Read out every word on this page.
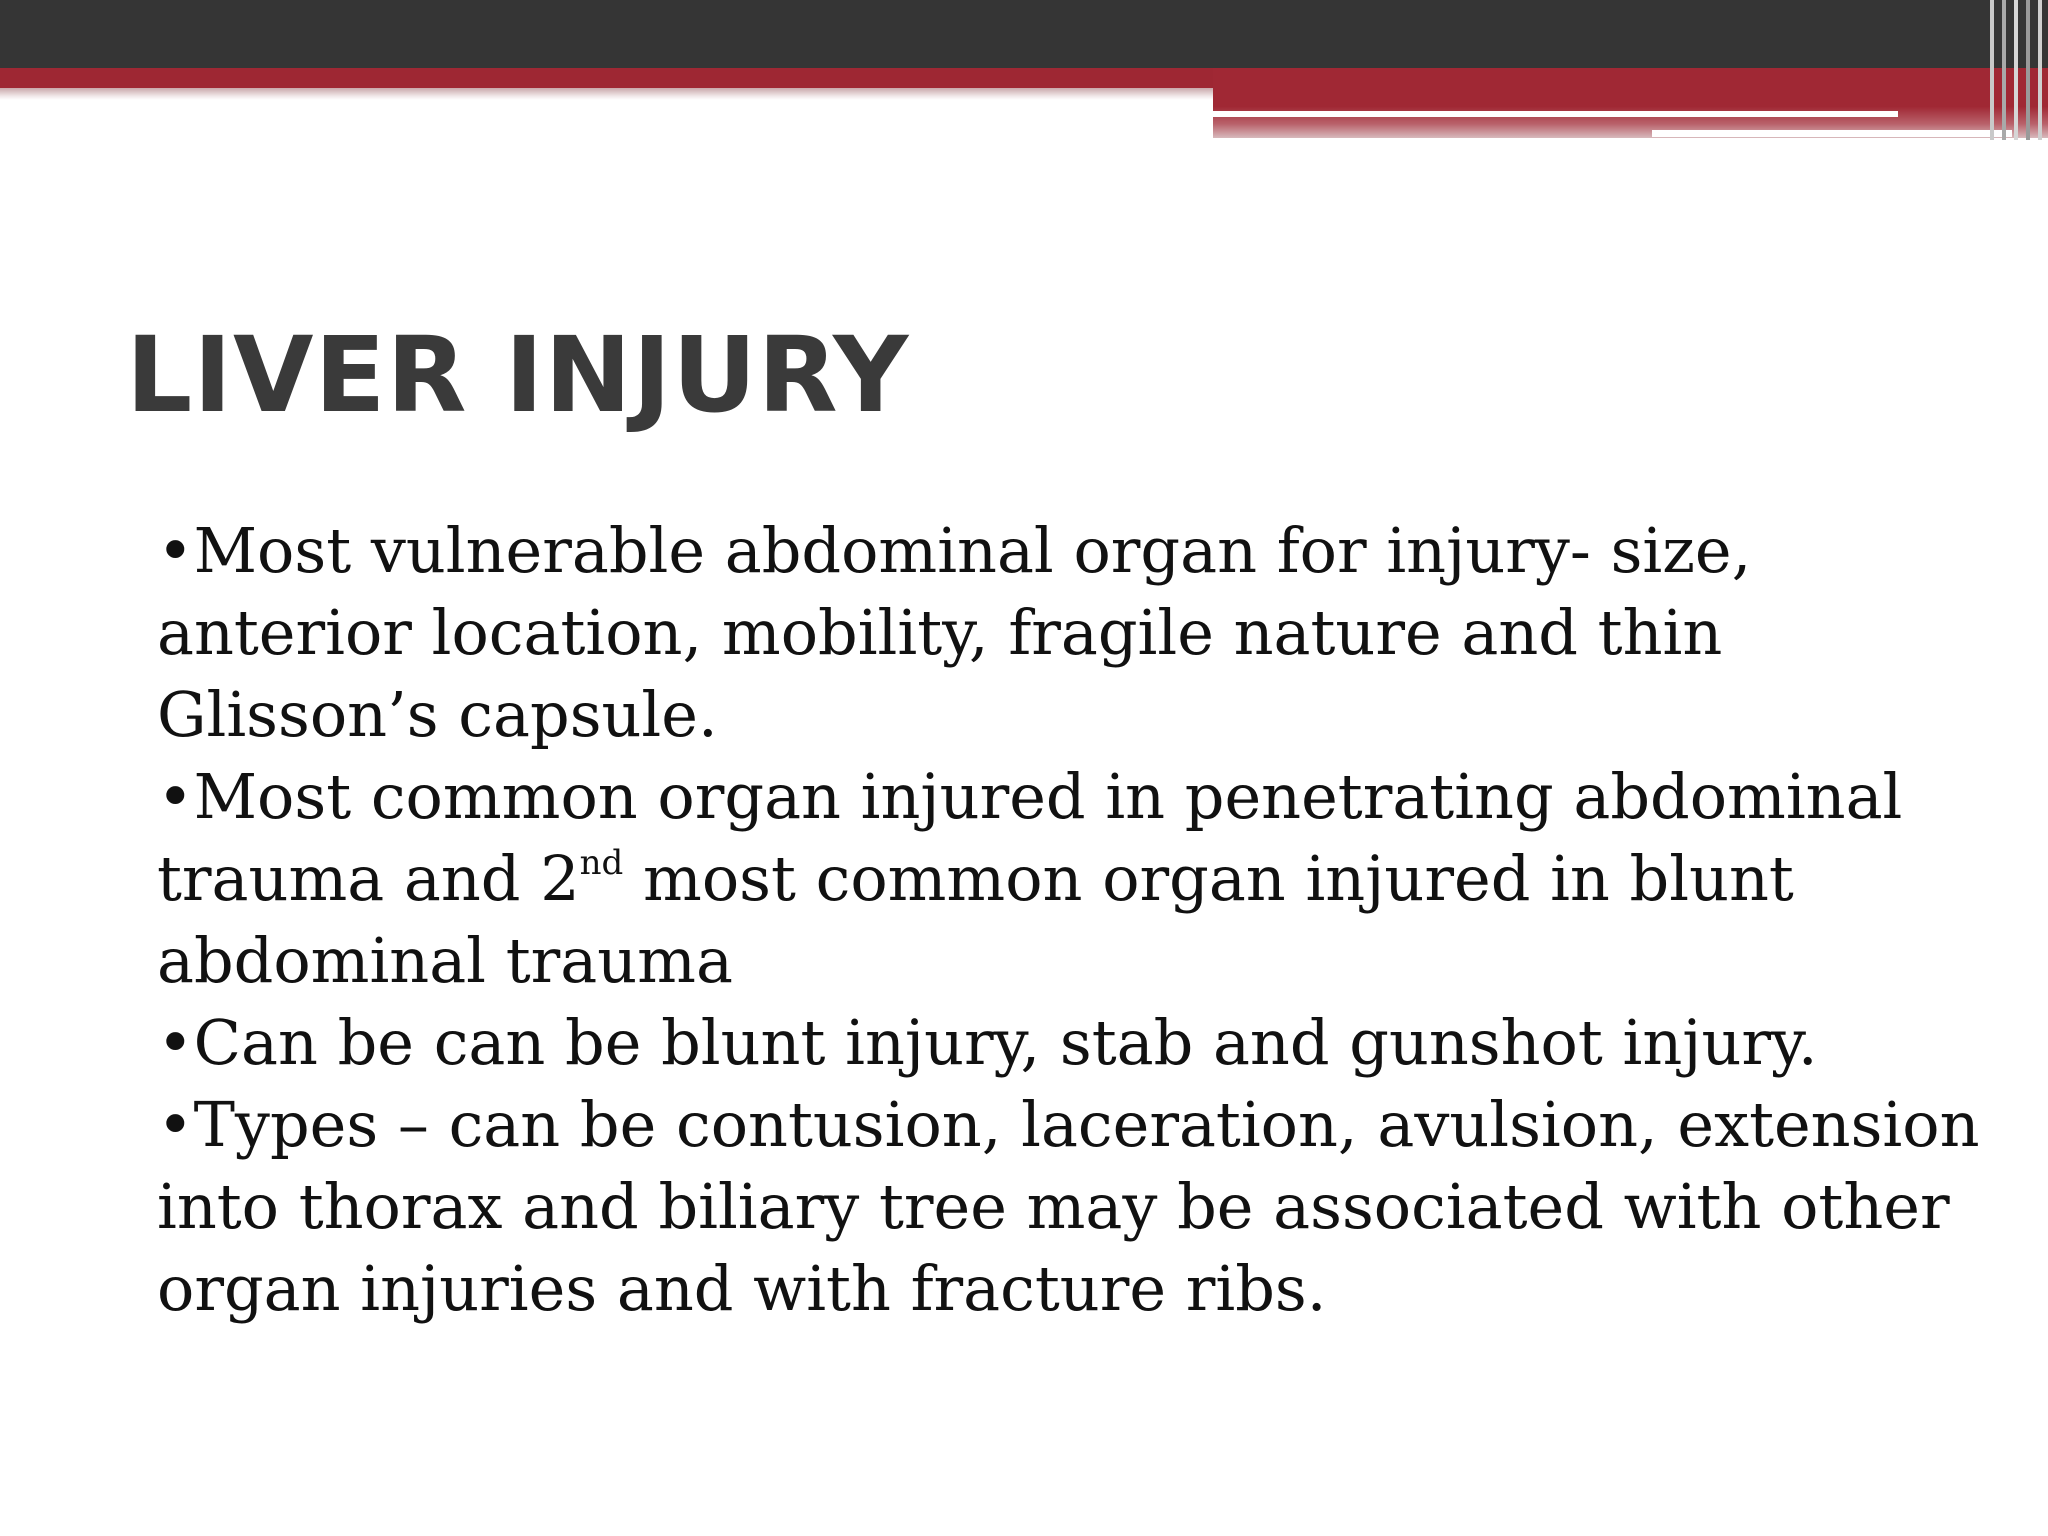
LIVER INJURY

•Most vulnerable abdominal organ for injury- size, anterior location, mobility, fragile nature and thin Glisson’s capsule.

•Most common organ injured in penetrating abdominal trauma and 2nd most common organ injured in blunt abdominal trauma

•Can be can be blunt injury, stab and gunshot injury.

•Types – can be contusion, laceration, avulsion, extension into thorax and biliary tree may be associated with other organ injuries and with fracture ribs.
